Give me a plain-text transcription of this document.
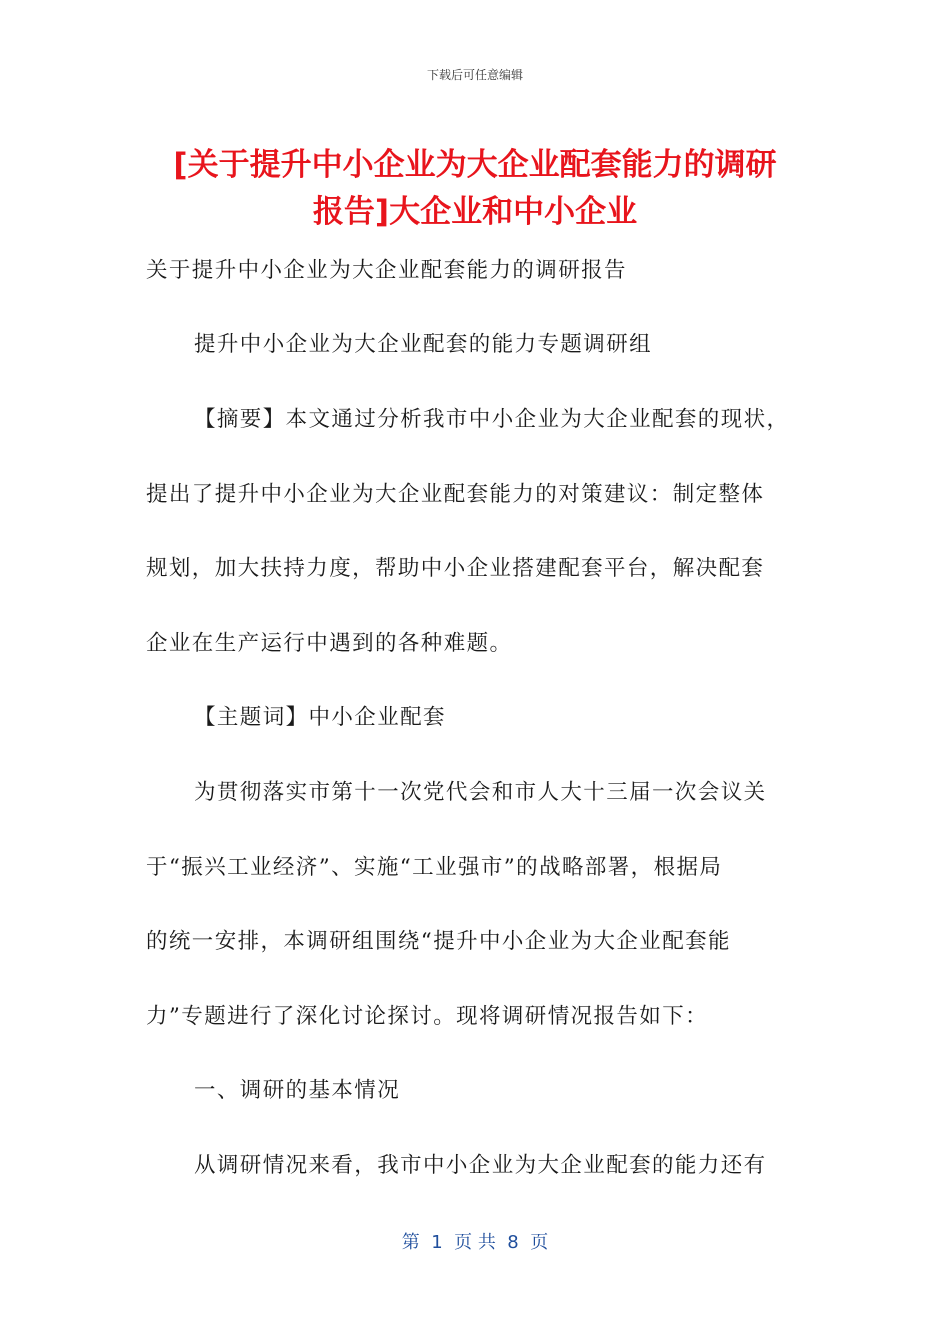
下载后可任意编辑
[关于提升中小企业为大企业配套能力的调研
报告]大企业和中小企业

关于提升中小企业为大企业配套能力的调研报告

提升中小企业为大企业配套的能力专题调研组

【摘要】本文通过分析我市中小企业为大企业配套的现状，

提出了提升中小企业为大企业配套能力的对策建议：制定整体

规划，加大扶持力度，帮助中小企业搭建配套平台，解决配套

企业在生产运行中遇到的各种难题。

【主题词】中小企业配套

为贯彻落实市第十一次党代会和市人大十三届一次会议关

于“振兴工业经济”、实施“工业强市”的战略部署，根据局

的统一安排，本调研组围绕“提升中小企业为大企业配套能

力”专题进行了深化讨论探讨。现将调研情况报告如下：

一、调研的基本情况

从调研情况来看，我市中小企业为大企业配套的能力还有

第  1  页 共  8  页
